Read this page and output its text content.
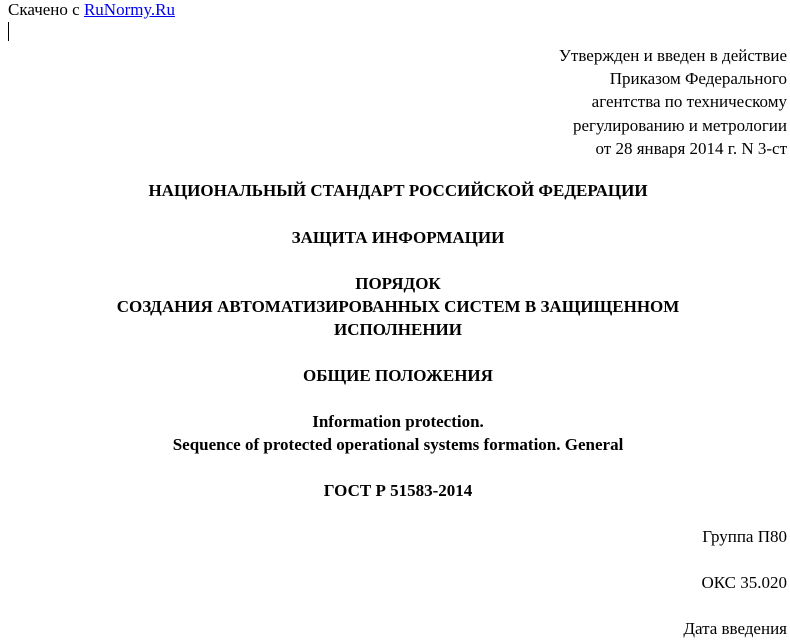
Скачено с RuNormy.Ru
Утвержден и введен в действие
Приказом Федерального
агентства по техническому
регулированию и метрологии
от 28 января 2014 г. N 3-ст
НАЦИОНАЛЬНЫЙ СТАНДАРТ РОССИЙСКОЙ ФЕДЕРАЦИИ
ЗАЩИТА ИНФОРМАЦИИ
ПОРЯДОК
СОЗДАНИЯ АВТОМАТИЗИРОВАННЫХ СИСТЕМ В ЗАЩИЩЕННОМ
ИСПОЛНЕНИИ
ОБЩИЕ ПОЛОЖЕНИЯ
Information protection.
Sequence of protected operational systems formation. General
ГОСТ Р 51583-2014
Группа П80
ОКС 35.020
Дата введения
